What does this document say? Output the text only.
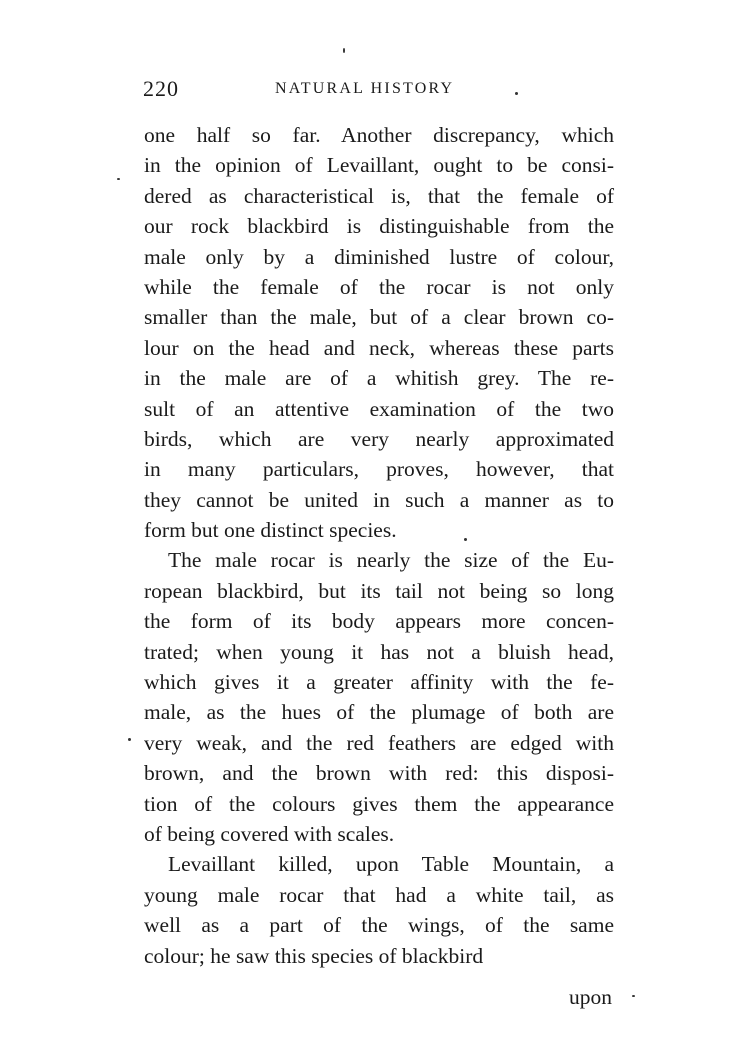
220	NATURAL HISTORY
one half so far. Another discrepancy, which
in the opinion of Levaillant, ought to be consi-
dered as characteristical is, that the female of
our rock blackbird is distinguishable from the
male only by a diminished lustre of colour,
while the female of the rocar is not only
smaller than the male, but of a clear brown co-
lour on the head and neck, whereas these parts
in the male are of a whitish grey. The re-
sult of an attentive examination of the two
birds, which are very nearly approximated
in many particulars, proves, however, that
they cannot be united in such a manner as to
form but one distinct species.
The male rocar is nearly the size of the Eu-
ropean blackbird, but its tail not being so long
the form of its body appears more concen-
trated; when young it has not a bluish head,
which gives it a greater affinity with the fe-
male, as the hues of the plumage of both are
very weak, and the red feathers are edged with
brown, and the brown with red: this disposi-
tion of the colours gives them the appearance
of being covered with scales.
Levaillant killed, upon Table Mountain, a
young male rocar that had a white tail, as
well as a part of the wings, of the same
colour; he saw this species of blackbird
upon
